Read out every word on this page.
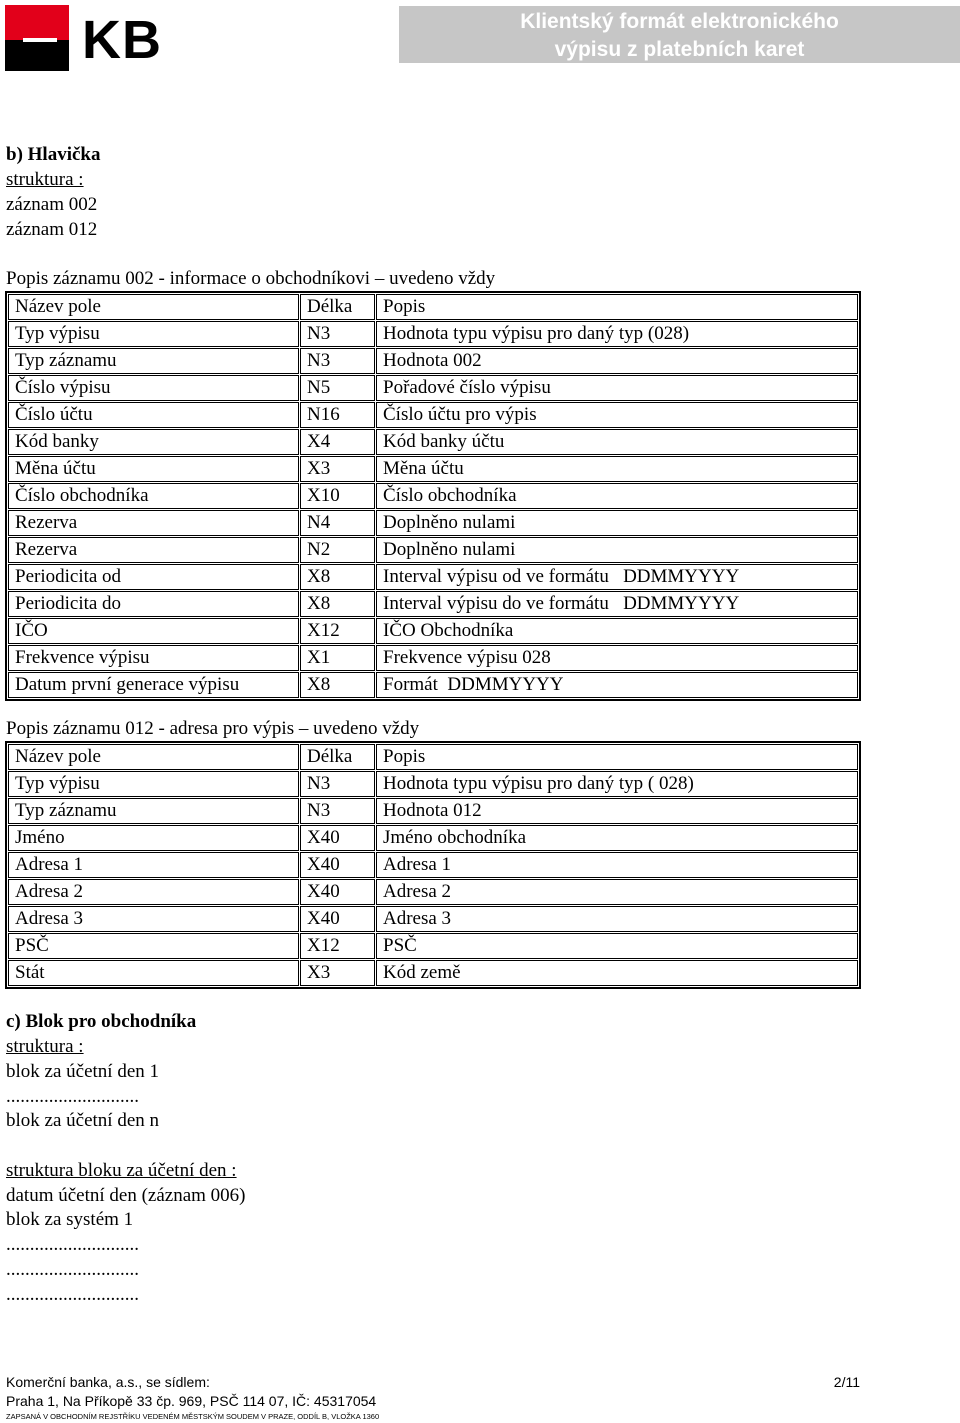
KB	Klientský formát elektronického
výpisu z platebních karet
b) Hlavička
struktura :
záznam 002
záznam 012
Popis záznamu 002 - informace o obchodníkovi – uvedeno vždy
Název pole	Délka	Popis
Typ výpisu	N3	Hodnota typu výpisu pro daný typ (028)
Typ záznamu	N3	Hodnota 002
Číslo výpisu	N5	Pořadové číslo výpisu
Číslo účtu	N16	Číslo účtu pro výpis
Kód banky	X4	Kód banky účtu
Měna účtu	X3	Měna účtu
Číslo obchodníka	X10	Číslo obchodníka
Rezerva	N4	Doplněno nulami
Rezerva	N2	Doplněno nulami
Periodicita od	X8	Interval výpisu od ve formátu   DDMMYYYY
Periodicita do	X8	Interval výpisu do ve formátu   DDMMYYYY
IČO	X12	IČO Obchodníka
Frekvence výpisu	X1	Frekvence výpisu 028
Datum první generace výpisu	X8	Formát  DDMMYYYY
Popis záznamu 012 - adresa pro výpis – uvedeno vždy
Název pole	Délka	Popis
Typ výpisu	N3	Hodnota typu výpisu pro daný typ ( 028)
Typ záznamu	N3	Hodnota 012
Jméno	X40	Jméno obchodníka
Adresa 1	X40	Adresa 1
Adresa 2	X40	Adresa 2
Adresa 3	X40	Adresa 3
PSČ	X12	PSČ
Stát	X3	Kód země
c) Blok pro obchodníka
struktura :
blok za účetní den 1
............................
blok za účetní den n
struktura bloku za účetní den :
datum účetní den (záznam 006)
blok za systém 1
............................
............................
............................
Komerční banka, a.s., se sídlem:	2/11
Praha 1, Na Příkopě 33 čp. 969, PSČ 114 07, IČ: 45317054
ZAPSANÁ V OBCHODNÍM REJSTŘÍKU VEDENÉM MĚSTSKÝM SOUDEM V PRAZE, ODDÍL B, VLOŽKA 1360
